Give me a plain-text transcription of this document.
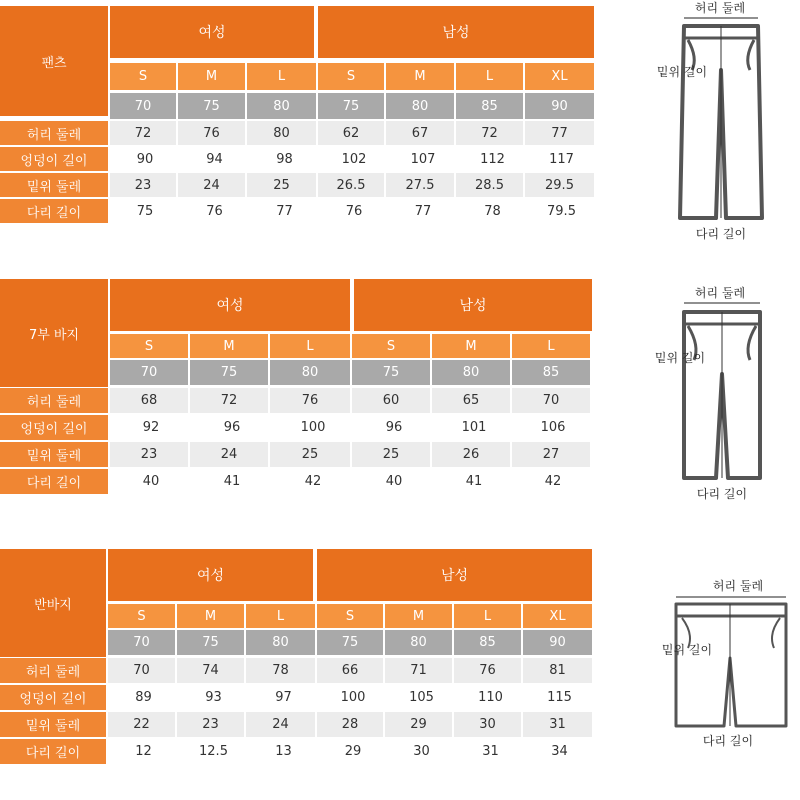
팬츠
여성	남성
S	M	L	S	M	L	XL
70	75	80	75	80	85	90
허리 둘레	72	76	80	62	67	72	77
엉덩이 길이	90	94	98	102	107	112	117
밑위 둘레	23	24	25	26.5	27.5	28.5	29.5
다리 길이	75	76	77	76	77	78	79.5
7부 바지
여성	남성
S	M	L	S	M	L
70	75	80	75	80	85
허리 둘레	68	72	76	60	65	70
엉덩이 길이	92	96	100	96	101	106
밑위 둘레	23	24	25	25	26	27
다리 길이	40	41	42	40	41	42
반바지
여성	남성
S	M	L	S	M	L	XL
70	75	80	75	80	85	90
허리 둘레	70	74	78	66	71	76	81
엉덩이 길이	89	93	97	100	105	110	115
밑위 둘레	22	23	24	28	29	30	31
다리 길이	12	12.5	13	29	30	31	34
허리 둘레
밑위 길이
다리 길이
허리 둘레
밑위 길이
다리 길이
허리 둘레
밑위 길이
다리 길이
